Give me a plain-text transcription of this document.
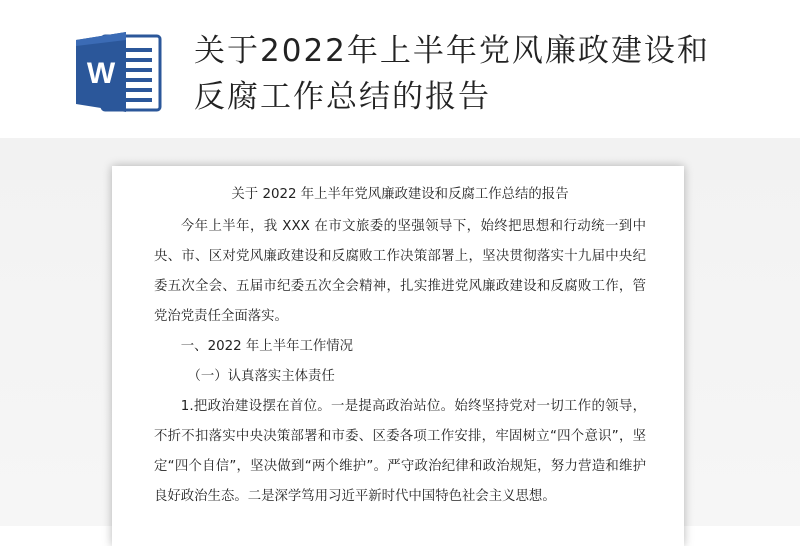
W
关于2022年上半年党风廉政建设和反腐工作总结的报告
关于 2022 年上半年党风廉政建设和反腐工作总结的报告

今年上半年，我 XXX 在市文旅委的坚强领导下，始终把思想和行动统一到中央、市、区对党风廉政建设和反腐败工作决策部署上，坚决贯彻落实十九届中央纪委五次全会、五届市纪委五次全会精神，扎实推进党风廉政建设和反腐败工作，管党治党责任全面落实。

一、2022 年上半年工作情况

（一）认真落实主体责任

1.把政治建设摆在首位。一是提高政治站位。始终坚持党对一切工作的领导，不折不扣落实中央决策部署和市委、区委各项工作安排，牢固树立“四个意识”，坚定“四个自信”，坚决做到“两个维护”。严守政治纪律和政治规矩，努力营造和维护良好政治生态。二是深学笃用习近平新时代中国特色社会主义思想。
